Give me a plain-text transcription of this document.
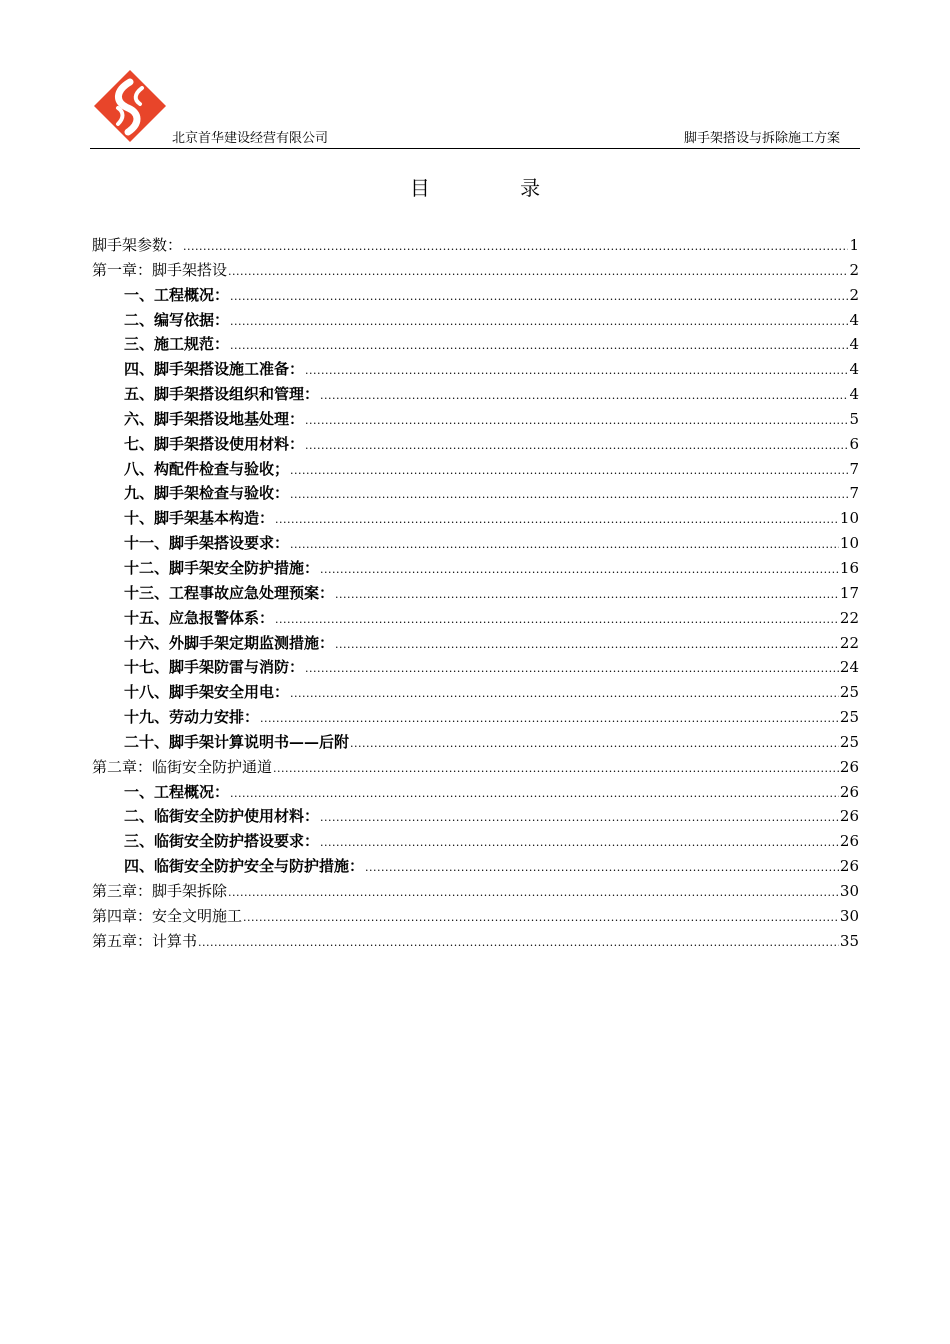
北京首华建设经营有限公司	脚手架搭设与拆除施工方案
目 录
脚手架参数： .....	1
第一章：脚手架搭设 .....	2
一、工程概况： .....	2
二、编写依据： .....	4
三、施工规范： .....	4
四、脚手架搭设施工准备： .....	4
五、脚手架搭设组织和管理： .....	4
六、脚手架搭设地基处理： .....	5
七、脚手架搭设使用材料： .....	6
八、构配件检查与验收； .....	7
九、脚手架检查与验收： .....	7
十、脚手架基本构造： .....	10
十一、脚手架搭设要求： .....	10
十二、脚手架安全防护措施： .....	16
十三、工程事故应急处理预案： .....	17
十五、应急报警体系： .....	22
十六、外脚手架定期监测措施： .....	22
十七、脚手架防雷与消防： .....	24
十八、脚手架安全用电： .....	25
十九、劳动力安排： .....	25
二十、脚手架计算说明书——后附 .....	25
第二章：临街安全防护通道 .....	26
一、工程概况： .....	26
二、临街安全防护使用材料： .....	26
三、临街安全防护搭设要求： .....	26
四、临街安全防护安全与防护措施： .....	26
第三章：脚手架拆除 .....	30
第四章：安全文明施工 .....	30
第五章：计算书 .....	35
